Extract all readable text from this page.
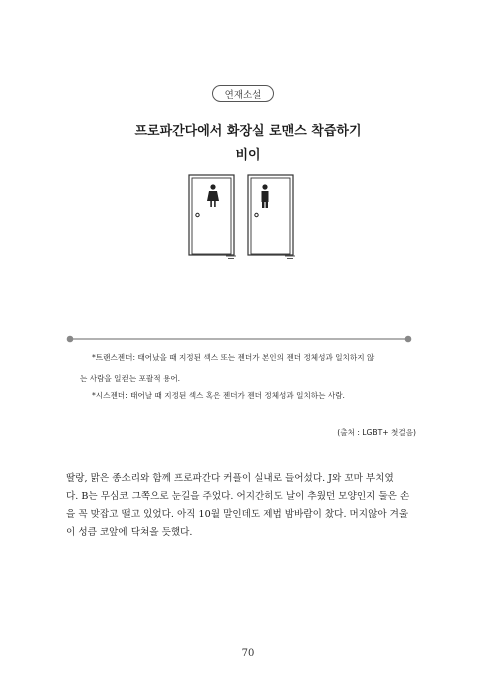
연재소설
프로파간다에서 화장실 로맨스 착즙하기
비이
*트랜스젠더: 태어났을 때 지정된 섹스 또는 젠더가 본인의 젠더 정체성과 일치하지 않
는 사람을 일컫는 포괄적 용어.
*시스젠더: 태어날 때 지정된 섹스 혹은 젠더가 젠더 정체성과 일치하는 사람.
(출처 : LGBT+ 첫걸음)

딸랑, 맑은 종소리와 함께 프로파간다 커플이 실내로 들어섰다. J와 꼬마 부치였

다. B는 무심코 그쪽으로 눈길을 주었다. 어지간히도 날이 추웠던 모양인지 둘은 손

을 꼭 맞잡고 떨고 있었다. 아직 10월 말인데도 제법 밤바람이 찼다. 머지않아 겨울

이 성큼 코앞에 닥쳐올 듯했다.

70
